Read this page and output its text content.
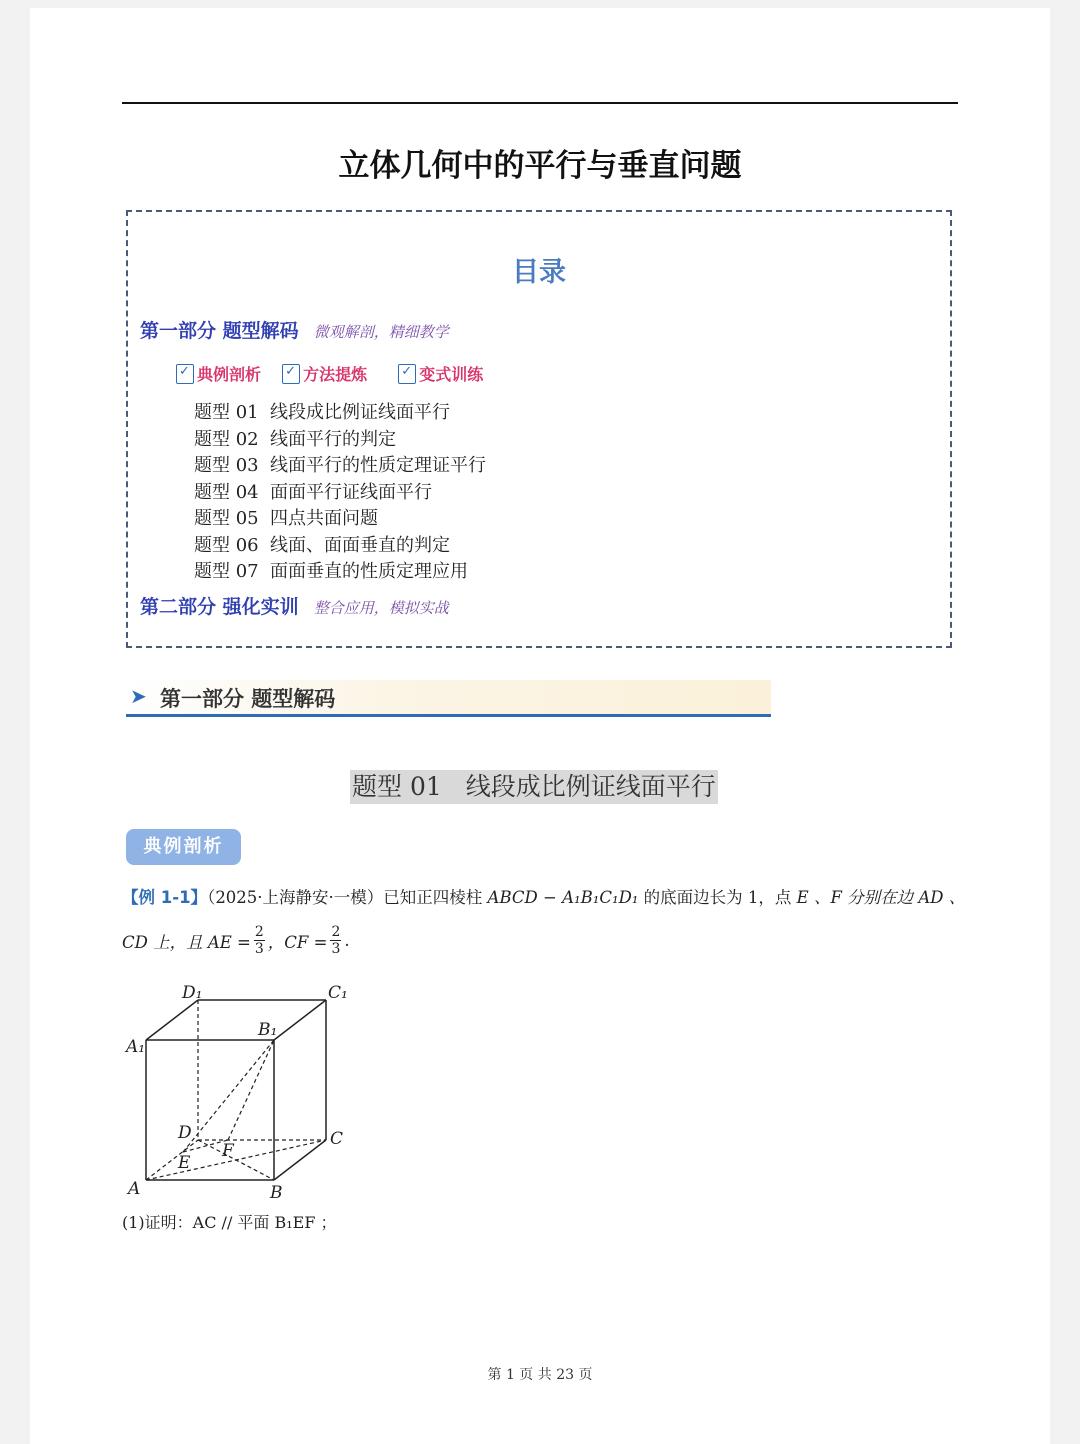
立体几何中的平行与垂直问题
目录
第一部分 题型解码 微观解剖，精细教学
✓
典例剖析
✓	方法提炼
✓	变式训练
题型 01 线段成比例证线面平行
题型 02 线面平行的判定
题型 03 线面平行的性质定理证平行
题型 04 面面平行证线面平行
题型 05 四点共面问题
题型 06 线面、面面垂直的判定
题型 07 面面垂直的性质定理应用
第二部分 强化实训 整合应用，模拟实战
➤ 第一部分 题型解码
题型 01 线段成比例证线面平行
典例剖析
【例 1-1】（2025·上海静安·一模）已知正四棱柱 ABCD − A₁B₁C₁D₁ 的底面边长为 1，点 E 、F 分别在边 AD 、
CD 上，且 AE = $\frac{2}{3}$ ，CF = $\frac{2}{3}$ .
A₁
D₁	C₁
B₁
A	B
C
D
E
F
(1)证明：AC // 平面 B₁EF ；
第 1 页 共 23 页
